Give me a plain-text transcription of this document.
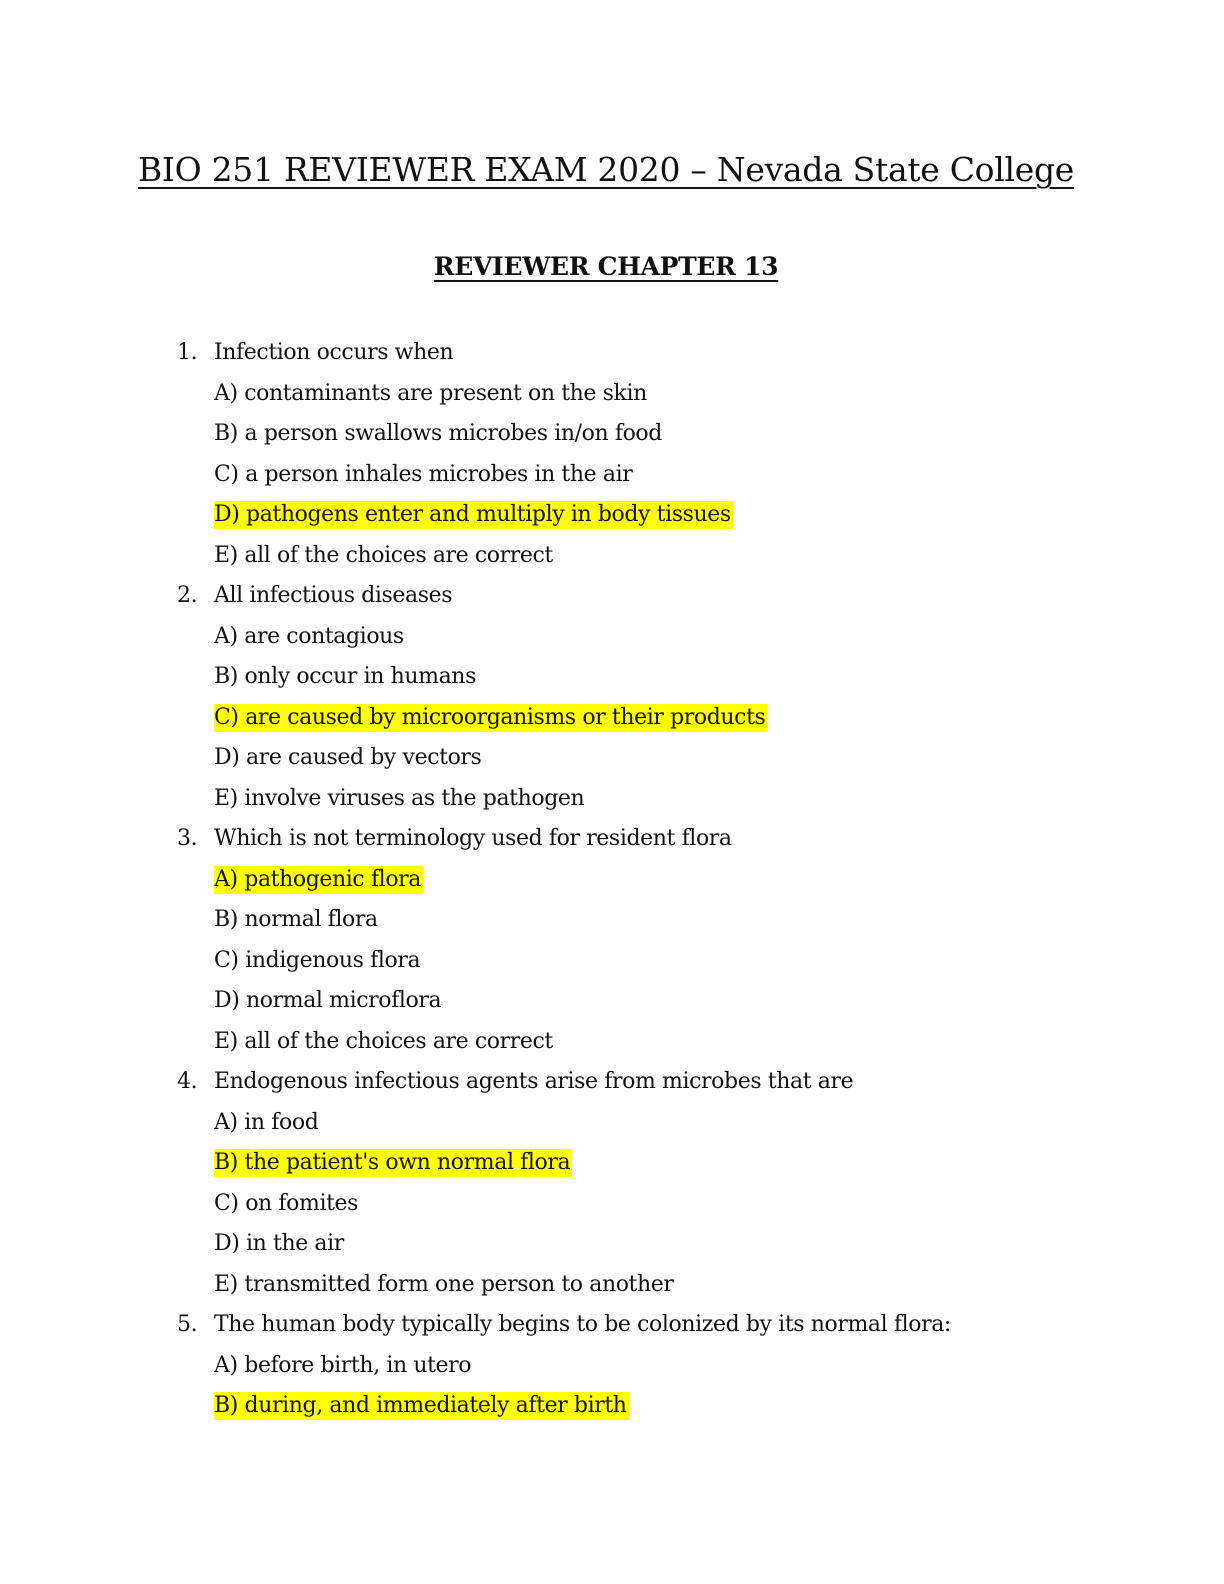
BIO 251 REVIEWER EXAM 2020 – Nevada State College
REVIEWER CHAPTER 13
1. Infection occurs when
A) contaminants are present on the skin
B) a person swallows microbes in/on food
C) a person inhales microbes in the air
D) pathogens enter and multiply in body tissues
E) all of the choices are correct
2. All infectious diseases
A) are contagious
B) only occur in humans
C) are caused by microorganisms or their products
D) are caused by vectors
E) involve viruses as the pathogen
3. Which is not terminology used for resident flora
A) pathogenic flora
B) normal flora
C) indigenous flora
D) normal microflora
E) all of the choices are correct
4. Endogenous infectious agents arise from microbes that are
A) in food
B) the patient's own normal flora
C) on fomites
D) in the air
E) transmitted form one person to another
5. The human body typically begins to be colonized by its normal flora:
A) before birth, in utero
B) during, and immediately after birth
